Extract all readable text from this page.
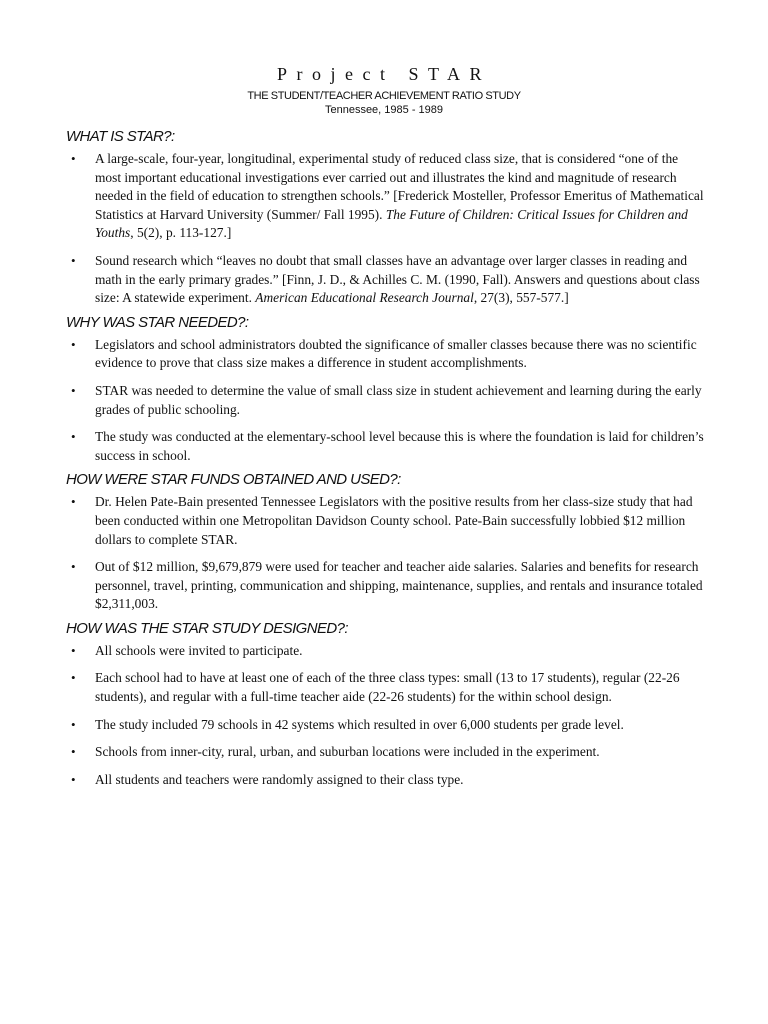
Project STAR
THE STUDENT/TEACHER ACHIEVEMENT RATIO STUDY
Tennessee, 1985 - 1989
WHAT IS STAR?:
• A large-scale, four-year, longitudinal, experimental study of reduced class size, that is considered “one of the most important educational investigations ever carried out and illustrates the kind and magnitude of research needed in the field of education to strengthen schools.” [Frederick Mosteller, Professor Emeritus of Mathematical Statistics at Harvard University (Summer/ Fall 1995). The Future of Children: Critical Issues for Children and Youths, 5(2), p. 113-127.]
• Sound research which “leaves no doubt that small classes have an advantage over larger classes in reading and math in the early primary grades.” [Finn, J. D., & Achilles C. M. (1990, Fall). Answers and questions about class size: A statewide experiment. American Educational Research Journal, 27(3), 557-577.]
WHY WAS STAR NEEDED?:
• Legislators and school administrators doubted the significance of smaller classes because there was no scientific evidence to prove that class size makes a difference in student accomplishments.
• STAR was needed to determine the value of small class size in student achievement and learning during the early grades of public schooling.
• The study was conducted at the elementary-school level because this is where the foundation is laid for children’s success in school.
HOW WERE STAR FUNDS OBTAINED AND USED?:
• Dr. Helen Pate-Bain presented Tennessee Legislators with the positive results from her class-size study that had been conducted within one Metropolitan Davidson County school. Pate-Bain successfully lobbied $12 million dollars to complete STAR.
• Out of $12 million, $9,679,879 were used for teacher and teacher aide salaries. Salaries and benefits for research personnel, travel, printing, communication and shipping, maintenance, supplies, and rentals and insurance totaled $2,311,003.
HOW WAS THE STAR STUDY DESIGNED?:
• All schools were invited to participate.
• Each school had to have at least one of each of the three class types: small (13 to 17 students), regular (22-26 students), and regular with a full-time teacher aide (22-26 students) for the within school design.
• The study included 79 schools in 42 systems which resulted in over 6,000 students per grade level.
• Schools from inner-city, rural, urban, and suburban locations were included in the experiment.
• All students and teachers were randomly assigned to their class type.
